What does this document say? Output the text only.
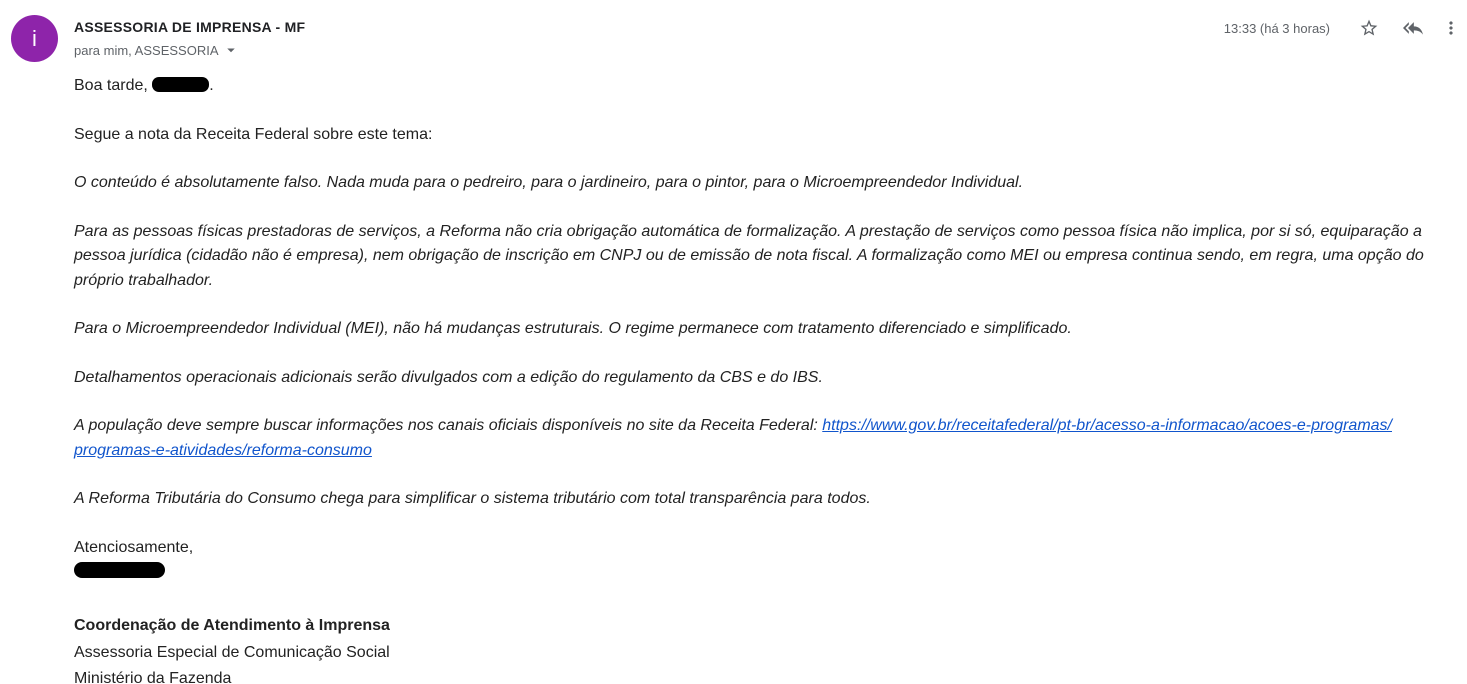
i	ASSESSORIA DE IMPRENSA - MF
para mim, ASSESSORIA
13:33 (há 3 horas)

Boa tarde,	.

Segue a nota da Receita Federal sobre este tema:

O conteúdo é absolutamente falso. Nada muda para o pedreiro, para o jardineiro, para o pintor, para o Microempreendedor Individual.

Para as pessoas físicas prestadoras de serviços, a Reforma não cria obrigação automática de formalização. A prestação de serviços como pessoa física não implica, por si só, equiparação a pessoa jurídica (cidadão não é empresa), nem obrigação de inscrição em CNPJ ou de emissão de nota fiscal. A formalização como MEI ou empresa continua sendo, em regra, uma opção do próprio trabalhador.

Para o Microempreendedor Individual (MEI), não há mudanças estruturais. O regime permanece com tratamento diferenciado e simplificado.

Detalhamentos operacionais adicionais serão divulgados com a edição do regulamento da CBS e do IBS.

A população deve sempre buscar informações nos canais oficiais disponíveis no site da Receita Federal: https://www.gov.br/receitafederal/pt-br/acesso-a-informacao/acoes-e-programas/
programas-e-atividades/reforma-consumo

A Reforma Tributária do Consumo chega para simplificar o sistema tributário com total transparência para todos.

Atenciosamente,

Coordenação de Atendimento à Imprensa

Assessoria Especial de Comunicação Social

Ministério da Fazenda
